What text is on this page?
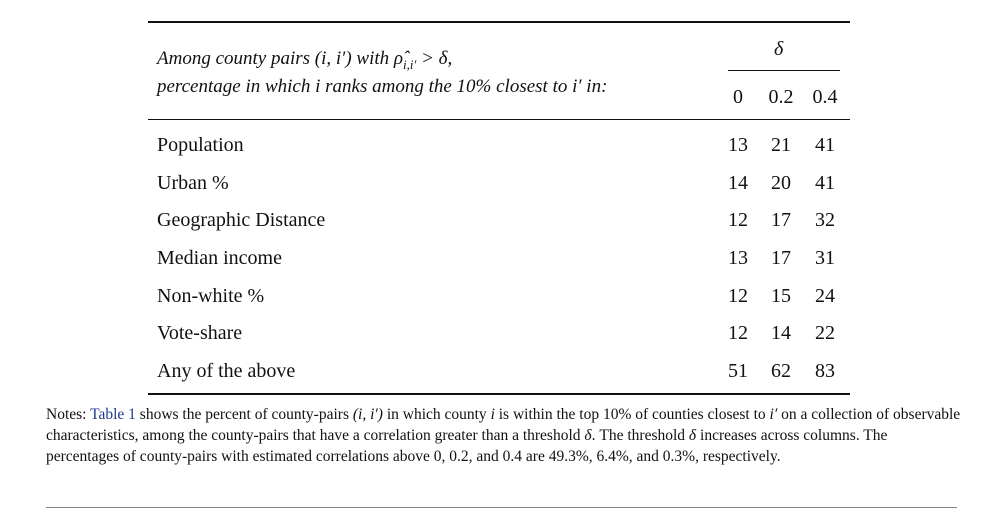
Among county pairs (i, i′) with $\rhô_{i,i'} > \delta$,
percentage in which i ranks among the 10% closest to i′ in:
δ
0	0.2 0.4
Population	13	21	41
Urban %	14	20	41
Geographic Distance	12	17	32
Median income	13	17	31
Non-white %	12	15	24
Vote-share	12	14	22
Any of the above	51	62	83
Notes: Table 1 shows the percent of county-pairs (i, i′) in which county i is within the top 10% of counties closest to i′ on a collection of observable characteristics, among the county-pairs that have a correlation greater than a threshold δ. The threshold δ increases across columns. The percentages of county-pairs with estimated correlations above 0, 0.2, and 0.4 are 49.3%, 6.4%, and 0.3%, respectively.
